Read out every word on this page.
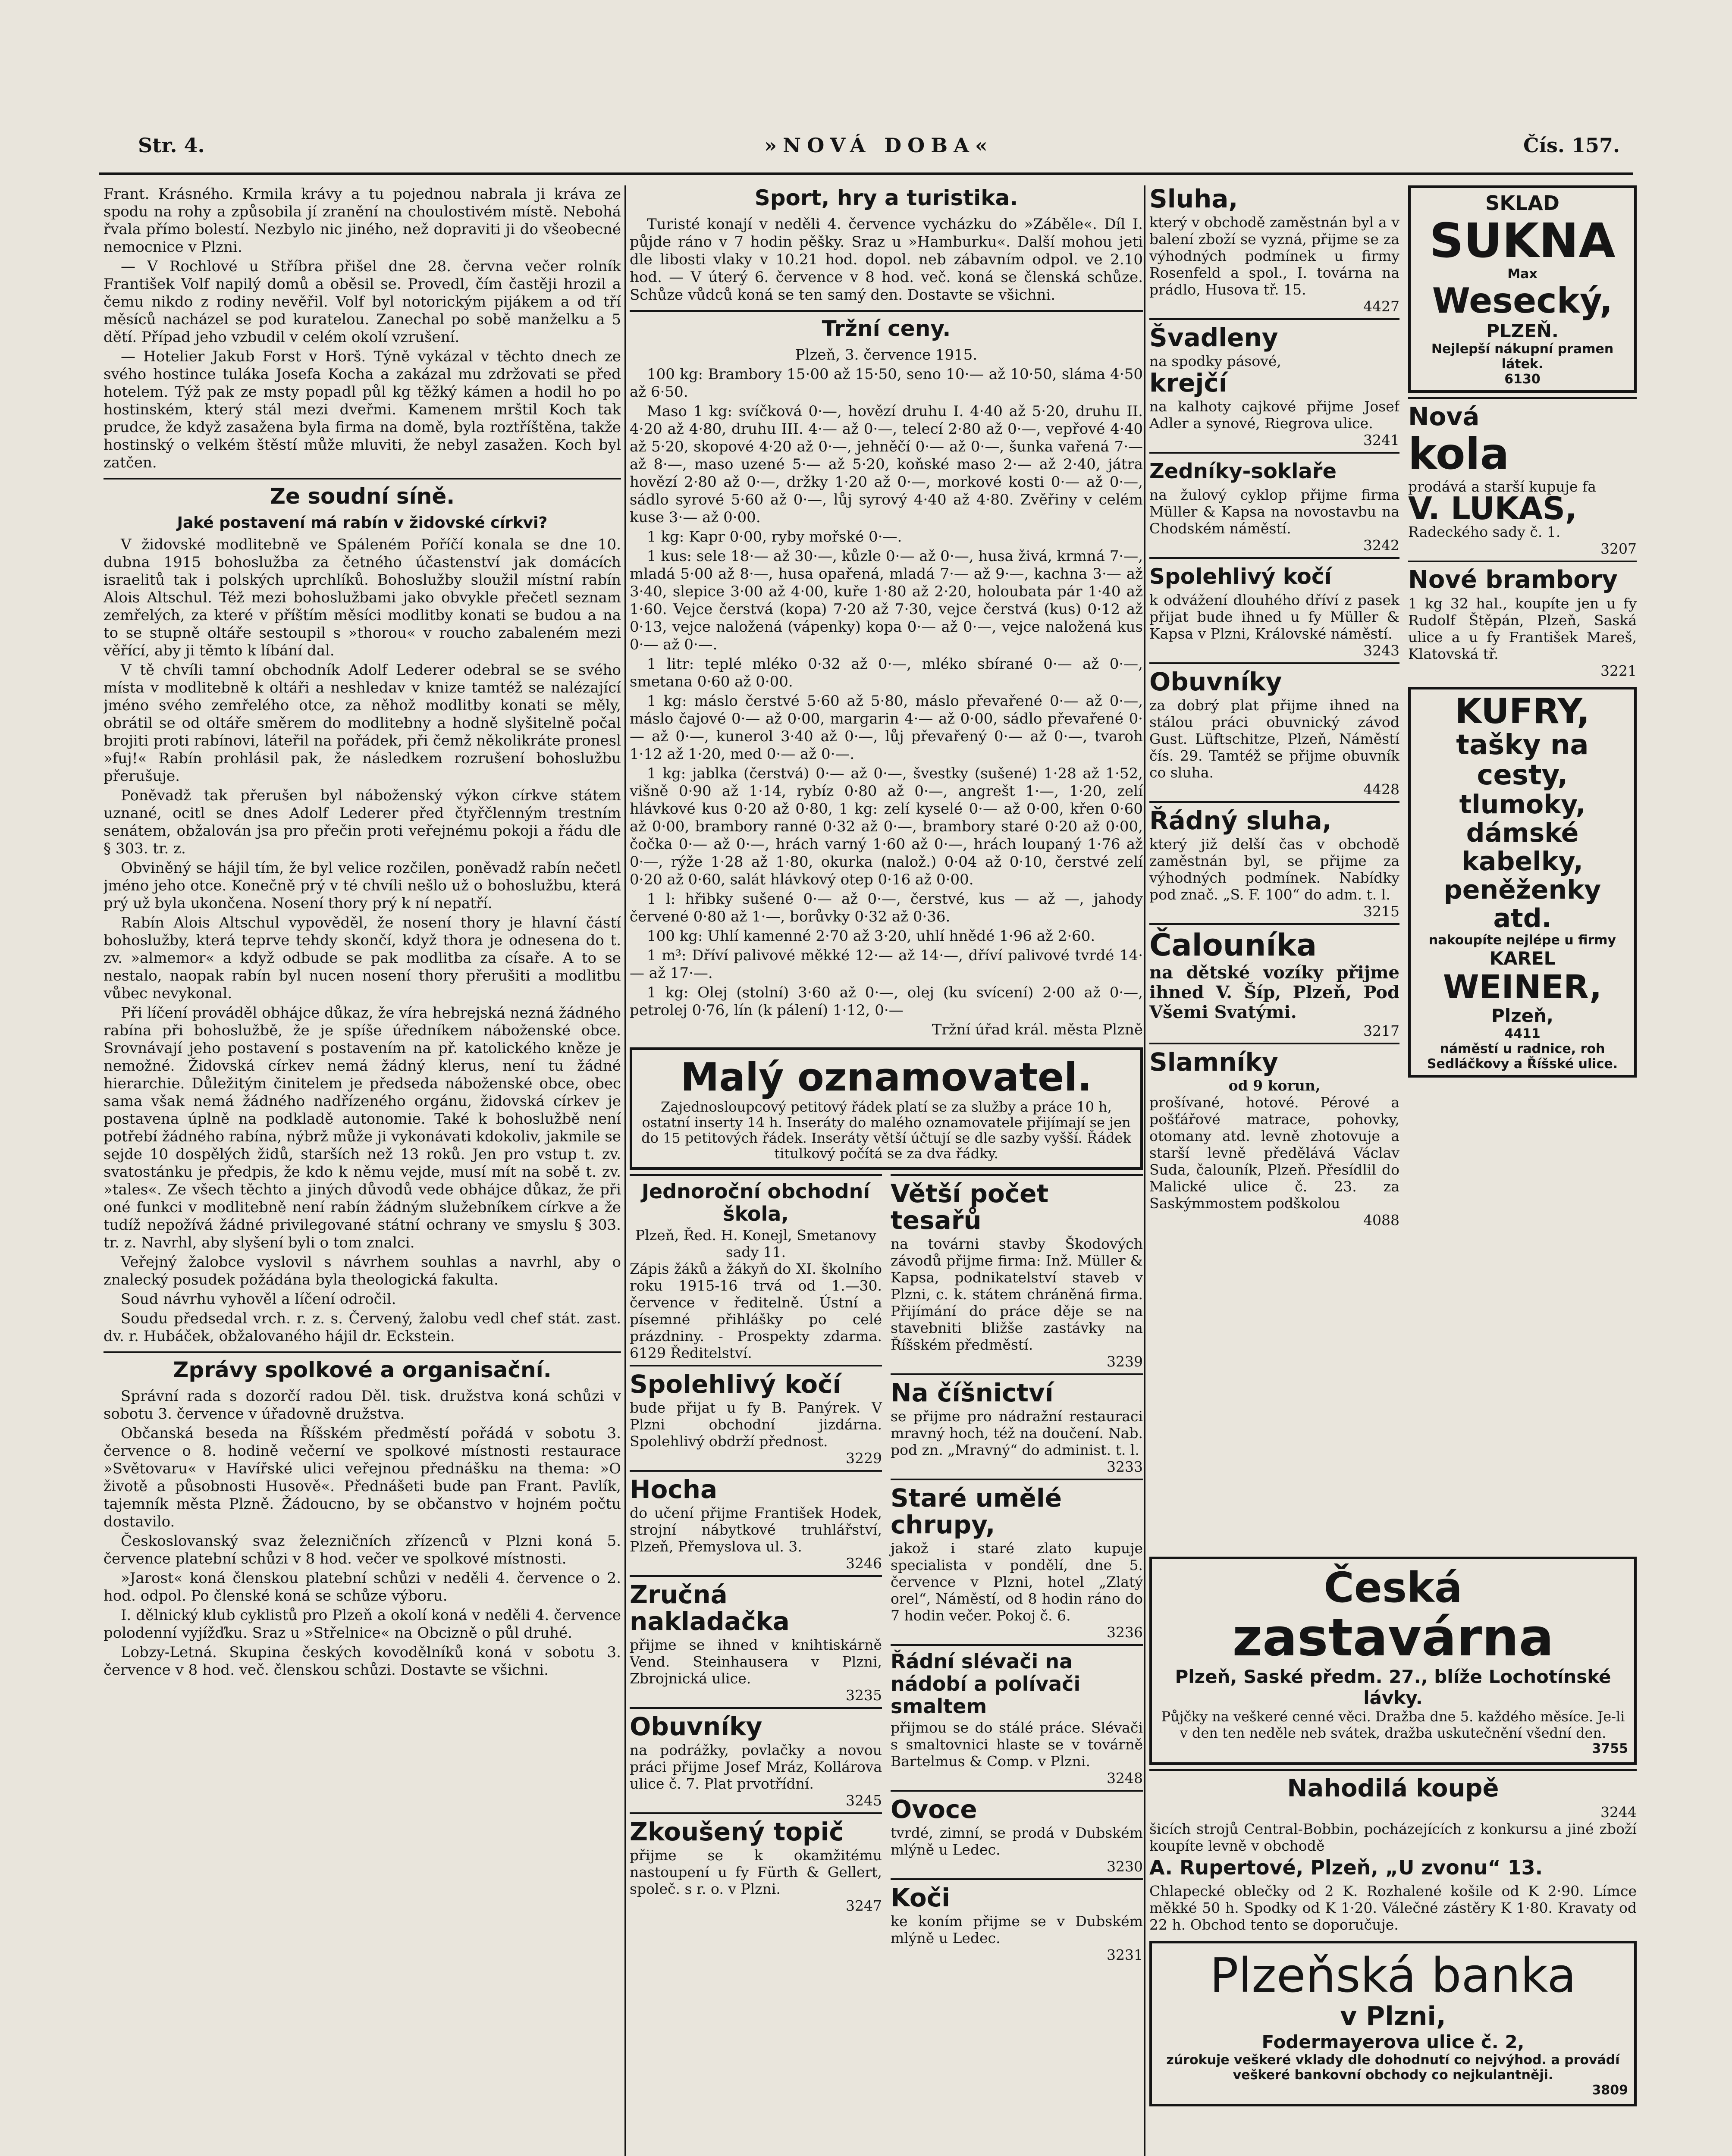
Str. 4.	»NOVÁ DOBA«	Čís. 157.

Frant. Krásného. Krmila krávy a tu pojednou nabrala ji kráva ze spodu na rohy a způsobila jí zranění na choulostivém místě. Nebohá řvala přímo bolestí. Nezbylo nic jiného, než dopraviti ji do všeobecné nemocnice v Plzni.

— V Rochlové u Stříbra přišel dne 28. června večer rolník František Volf napilý domů a oběsil se. Provedl, čím častěji hrozil a čemu nikdo z rodiny nevěřil. Volf byl notorickým pijákem a od tří měsíců nacházel se pod kuratelou. Zanechal po sobě manželku a 5 dětí. Případ jeho vzbudil v celém okolí vzrušení.

— Hotelier Jakub Forst v Horš. Týně vykázal v těchto dnech ze svého hostince tuláka Josefa Kocha a zakázal mu zdržovati se před hotelem. Týž pak ze msty popadl půl kg těžký kámen a hodil ho po hostinském, který stál mezi dveřmi. Kamenem mrštil Koch tak prudce, že když zasažena byla firma na domě, byla roztříštěna, takže hostinský o velkém štěstí může mluviti, že nebyl zasažen. Koch byl zatčen.

Ze soudní síně.
Jaké postavení má rabín v židovské církvi?

V židovské modlitebně ve Spáleném Poříčí konala se dne 10. dubna 1915 bohoslužba za četného účastenství jak domácích israelitů tak i polských uprchlíků. Bohoslužby sloužil místní rabín Alois Altschul. Též mezi bohoslužbami jako obvykle přečetl seznam zemřelých, za které v příštím měsíci modlitby konati se budou a na to se stupně oltáře sestoupil s »thorou« v roucho zabaleném mezi věřící, aby ji těmto k líbání dal.

V tě chvíli tamní obchodník Adolf Lederer odebral se se svého místa v modlitebně k oltáři a neshledav v knize tamtéž se nalézající jméno svého zemřelého otce, za něhož modlitby konati se měly, obrátil se od oltáře směrem do modlitebny a hodně slyšitelně počal brojiti proti rabínovi, láteřil na pořádek, při čemž několikráte pronesl »fuj!« Rabín prohlásil pak, že následkem rozrušení bohoslužbu přerušuje.

Poněvadž tak přerušen byl náboženský výkon církve státem uznané, ocitl se dnes Adolf Lederer před čtyřčlenným trestním senátem, obžalován jsa pro přečin proti veřejnému pokoji a řádu dle § 303. tr. z.

Obviněný se hájil tím, že byl velice rozčilen, poněvadž rabín nečetl jméno jeho otce. Konečně prý v té chvíli nešlo už o bohoslužbu, která prý už byla ukončena. Nosení thory prý k ní nepatří.

Rabín Alois Altschul vypověděl, že nosení thory je hlavní částí bohoslužby, která teprve tehdy skončí, když thora je odnesena do t. zv. »almemor« a když odbude se pak modlitba za císaře. A to se nestalo, naopak rabín byl nucen nosení thory přerušiti a modlitbu vůbec nevykonal.

Při líčení prováděl obhájce důkaz, že víra hebrejská nezná žádného rabína při bohoslužbě, že je spíše úředníkem náboženské obce. Srovnávají jeho postavení s postavením na př. katolického kněze je nemožné. Židovská církev nemá žádný klerus, není tu žádné hierarchie. Důležitým činitelem je předseda náboženské obce, obec sama však nemá žádného nadřízeného orgánu, židovská církev je postavena úplně na podkladě autonomie. Také k bohoslužbě není potřebí žádného rabína, nýbrž může ji vykonávati kdokoliv, jakmile se sejde 10 dospělých židů, starších než 13 roků. Jen pro vstup t. zv. svatostánku je předpis, že kdo k němu vejde, musí mít na sobě t. zv. »tales«. Ze všech těchto a jiných důvodů vede obhájce důkaz, že při oné funkci v modlitebně není rabín žádným služebníkem církve a že tudíž nepožívá žádné privilegované státní ochrany ve smyslu § 303. tr. z. Navrhl, aby slyšení byli o tom znalci.

Veřejný žalobce vyslovil s návrhem souhlas a navrhl, aby o znalecký posudek požádána byla theologická fakulta.

Soud návrhu vyhověl a líčení odročil.

Soudu předsedal vrch. r. z. s. Červený, žalobu vedl chef stát. zast. dv. r. Hubáček, obžalovaného hájil dr. Eckstein.

Zprávy spolkové a organisační.

Správní rada s dozorčí radou Děl. tisk. družstva koná schůzi v sobotu 3. července v úřadovně družstva.

Občanská beseda na Říšském předměstí pořádá v sobotu 3. července o 8. hodině večerní ve spolkové místnosti restaurace »Světovaru« v Havířské ulici veřejnou přednášku na thema: »O životě a působnosti Husově«. Přednášeti bude pan Frant. Pavlík, tajemník města Plzně. Žádoucno, by se občanstvo v hojném počtu dostavilo.

Českoslovanský svaz železničních zřízenců v Plzni koná 5. července platební schůzi v 8 hod. večer ve spolkové místnosti.

»Jarost« koná členskou platební schůzi v neděli 4. července o 2. hod. odpol. Po členské koná se schůze výboru.

I. dělnický klub cyklistů pro Plzeň a okolí koná v neděli 4. července polodenní vyjížďku. Sraz u »Střelnice« na Obcizně o půl druhé.

Lobzy-Letná. Skupina českých kovodělníků koná v sobotu 3. července v 8 hod. več. členskou schůzi. Dostavte se všichni.

Sport, hry a turistika.

Turisté konají v neděli 4. července vycházku do »Záběle«. Díl I. půjde ráno v 7 hodin pěšky. Sraz u »Hamburku«. Další mohou jeti dle libosti vlaky v 10.21 hod. dopol. neb zábavním odpol. ve 2.10 hod. — V úterý 6. července v 8 hod. več. koná se členská schůze. Schůze vůdců koná se ten samý den. Dostavte se všichni.

Tržní ceny.

Plzeň, 3. července 1915.

100 kg: Brambory 15·00 až 15·50, seno 10·— až 10·50, sláma 4·50 až 6·50.

Maso 1 kg: svíčková 0·—, hovězí druhu I. 4·40 až 5·20, druhu II. 4·20 až 4·80, druhu III. 4·— až 0·—, telecí 2·80 až 0·—, vepřové 4·40 až 5·20, skopové 4·20 až 0·—, jehněčí 0·— až 0·—, šunka vařená 7·— až 8·—, maso uzené 5·— až 5·20, koňské maso 2·— až 2·40, játra hovězí 2·80 až 0·—, držky 1·20 až 0·—, morkové kosti 0·— až 0·—, sádlo syrové 5·60 až 0·—, lůj syrový 4·40 až 4·80. Zvěřiny v celém kuse 3·— až 0·00.

1 kg: Kapr 0·00, ryby mořské 0·—.

1 kus: sele 18·— až 30·—, kůzle 0·— až 0·—, husa živá, krmná 7·—, mladá 5·00 až 8·—, husa opařená, mladá 7·— až 9·—, kachna 3·— až 3·40, slepice 3·00 až 4·00, kuře 1·80 až 2·20, holoubata pár 1·40 až 1·60. Vejce čerstvá (kopa) 7·20 až 7·30, vejce čerstvá (kus) 0·12 až 0·13, vejce naložená (vápenky) kopa 0·— až 0·—, vejce naložená kus 0·— až 0·—.

1 litr: teplé mléko 0·32 až 0·—, mléko sbírané 0·— až 0·—, smetana 0·60 až 0·00.

1 kg: máslo čerstvé 5·60 až 5·80, máslo převařené 0·— až 0·—, máslo čajové 0·— až 0·00, margarin 4·— až 0·00, sádlo převařené 0·— až 0·—, kunerol 3·40 až 0·—, lůj převařený 0·— až 0·—, tvaroh 1·12 až 1·20, med 0·— až 0·—.

1 kg: jablka (čerstvá) 0·— až 0·—, švestky (sušené) 1·28 až 1·52, višně 0·90 až 1·14, rybíz 0·80 až 0·—, angrešt 1·—, 1·20, zelí hlávkové kus 0·20 až 0·80, 1 kg: zelí kyselé 0·— až 0·00, křen 0·60 až 0·00, brambory ranné 0·32 až 0·—, brambory staré 0·20 až 0·00, čočka 0·— až 0·—, hrách varný 1·60 až 0·—, hrách loupaný 1·76 až 0·—, rýže 1·28 až 1·80, okurka (nalož.) 0·04 až 0·10, čerstvé zelí 0·20 až 0·60, salát hlávkový otep 0·16 až 0·00.

1 l: hřibky sušené 0·— až 0·—, čerstvé, kus — až —, jahody červené 0·80 až 1·—, borůvky 0·32 až 0·36.

100 kg: Uhlí kamenné 2·70 až 3·20, uhlí hnědé 1·96 až 2·60.

1 m³: Dříví palivové měkké 12·— až 14·—, dříví palivové tvrdé 14·— až 17·—.

1 kg: Olej (stolní) 3·60 až 0·—, olej (ku svícení) 2·00 až 0·—, petrolej 0·76, lín (k pálení) 1·12, 0·—

Tržní úřad král. města Plzně

Malý oznamovatel.
Zajednosloupcový petitový řádek platí se za služby a práce 10 h, ostatní inserty 14 h. Inseráty do malého oznamovatele přijímají se jen do 15 petitových řádek. Inseráty větší účtují se dle sazby vyšší. Řádek titulkový počítá se za dva řádky.
Jednoroční obchodní škola,

Plzeň, Řed. H. Konejl, Smetanovy sady 11.

Zápis žáků a žákyň do XI. školního roku 1915-16 trvá od 1.—30. července v ředitelně. Ústní a písemné přihlášky po celé prázdniny. - Prospekty zdarma. 6129 Ředitelství.

Spolehlivý kočí

bude přijat u fy B. Panýrek. V Plzni obchodní jizdárna. Spolehlivý obdrží přednost.

3229

Hocha

do učení přijme František Hodek, strojní nábytkové truhlářství, Plzeň, Přemyslova ul. 3.

3246

Zručná nakladačka

přijme se ihned v knihtiskárně Vend. Steinhausera v Plzni, Zbrojnická ulice.

3235

Obuvníky

na podrážky, povlačky a novou práci přijme Josef Mráz, Kollárova ulice č. 7. Plat prvotřídní.

3245

Zkoušený topič

přijme se k okamžitému nastoupení u fy Fürth & Gellert, společ. s r. o. v Plzni.

3247

Větší počet tesařů

na továrni stavby Škodových závodů přijme firma: Inž. Müller & Kapsa, podnikatelství staveb v Plzni, c. k. státem chráněná firma. Přijímání do práce děje se na stavebniti bližše zastávky na Říšském předměstí.

3239

Na číšnictví

se přijme pro nádražní restauraci mravný hoch, též na doučení. Nab. pod zn. „Mravný“ do administ. t. l.

3233

Staré umělé chrupy,

jakož i staré zlato kupuje specialista v pondělí, dne 5. července v Plzni, hotel „Zlatý orel“, Náměstí, od 8 hodin ráno do 7 hodin večer. Pokoj č. 6.

3236

Řádní slévači na nádobí a polívači smaltem

přijmou se do stálé práce. Slévači s smaltovnici hlaste se v továrně Bartelmus & Comp. v Plzni.

3248

Ovoce

tvrdé, zimní, se prodá v Dubském mlýně u Ledec.

3230

Koči

ke koním přijme se v Dubském mlýně u Ledec.

3231

Sluha,

který v obchodě zaměstnán byl a v balení zboží se vyzná, přijme se za výhodných podmínek u firmy Rosenfeld a spol., I. továrna na prádlo, Husova tř. 15.

4427

Švadleny

na spodky pásové,

krejčí

na kalhoty cajkové přijme Josef Adler a synové, Riegrova ulice.

3241

Zedníky-soklaře

na žulový cyklop přijme firma Müller & Kapsa na novostavbu na Chodském náměstí.

3242

Spolehlivý kočí

k odvážení dlouhého dříví z pasek přijat bude ihned u fy Müller & Kapsa v Plzni, Královské náměstí.

3243

Obuvníky

za dobrý plat přijme ihned na stálou práci obuvnický závod Gust. Lüftschitze, Plzeň, Náměstí čís. 29. Tamtéž se přijme obuvník co sluha.

4428

Řádný sluha,

který již delší čas v obchodě zaměstnán byl, se přijme za výhodných podmínek. Nabídky pod znač. „S. F. 100“ do adm. t. l.

3215

Čalouníka

na dětské vozíky přijme ihned V. Šíp, Plzeň, Pod Všemi Svatými.

3217

Slamníky

od 9 korun,

prošívané, hotové. Pérové a pošťářové matrace, pohovky, otomany atd. levně zhotovuje a starší levně předělává Václav Suda, čalouník, Plzeň. Přesídlil do Malické ulice č. 23. za Saskýmmostem podškolou

4088

SKLAD
SUKNA
Max
Wesecký,
PLZEŇ.
Nejlepší nákupní pramen látek.
6130
Nová
kola

prodává a starší kupuje fa

V. LUKAS,

Radeckého sady č. 1.

3207

Nové brambory

1 kg 32 hal., koupíte jen u fy Rudolf Štěpán, Plzeň, Saská ulice a u fy František Mareš, Klatovská tř.

3221

KUFRY,
tašky na cesty,
tlumoky, dámské kabelky, peněženky atd.
nakoupíte nejlépe u firmy
KAREL
WEINER,
Plzeň,
4411
náměstí u radnice, roh Sedláčkovy a Říšské ulice.
Česká
zastavárna
Plzeň, Saské předm. 27., blíže Lochotínské lávky.
Půjčky na veškeré cenné věci. Dražba dne 5. každého měsíce. Je-li v den ten neděle neb svátek, dražba uskutečnění všední den.
3755
Nahodilá koupě

3244

šicích strojů Central-Bobbin, pocházejících z konkursu a jiné zboží koupíte levně v obchodě

A. Rupertové, Plzeň, „U zvonu“ 13.

Chlapecké oblečky od 2 K. Rozhalené košile od K 2·90. Límce měkké 50 h. Spodky od K 1·20. Válečné zástěry K 1·80. Kravaty od 22 h. Obchod tento se doporučuje.

Plzeňská banka
v Plzni,
Fodermayerova ulice č. 2,
zúrokuje veškeré vklady dle dohodnutí co nejvýhod. a provádí veškeré bankovní obchody co nejkulantněji.
3809
